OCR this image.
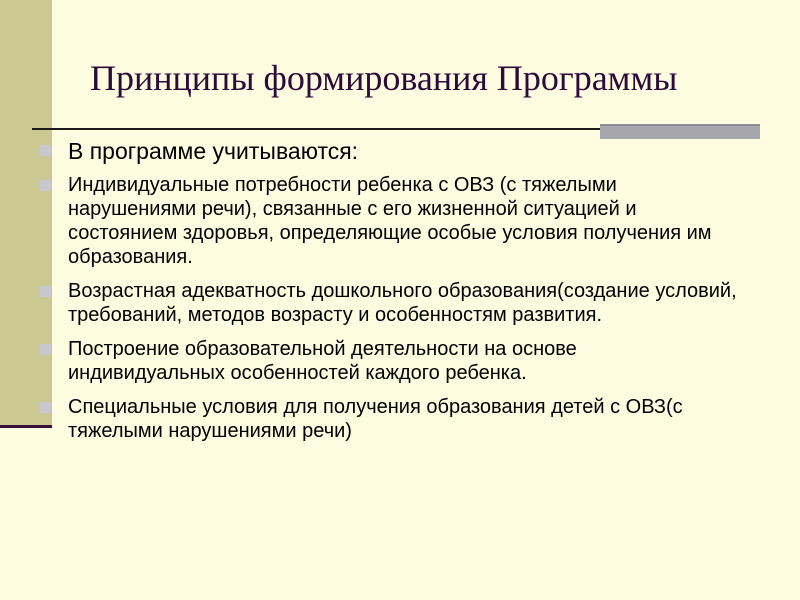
Принципы формирования Программы
В программе учитываются:
Индивидуальные потребности ребенка с ОВЗ (с тяжелыми нарушениями речи), связанные с его жизненной ситуацией и состоянием здоровья, определяющие особые условия получения им образования.
Возрастная адекватность дошкольного образования(создание условий, требований, методов возрасту и особенностям развития.
Построение образовательной деятельности на основе индивидуальных особенностей каждого ребенка.
Специальные условия для получения образования детей с ОВЗ(с тяжелыми нарушениями речи)
